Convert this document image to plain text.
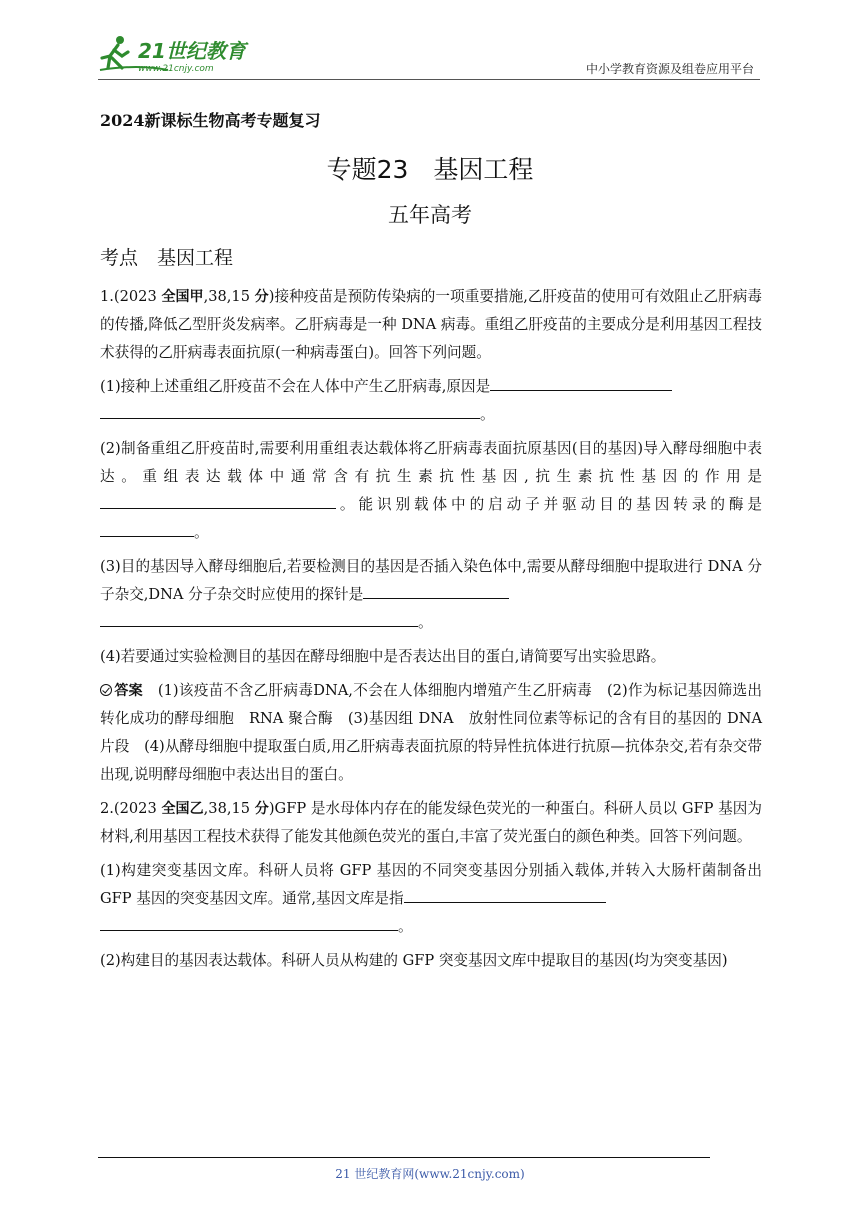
21世纪教育
www.21cnjy.com	中小学教育资源及组卷应用平台
2024新课标生物高考专题复习
专题23　基因工程
五年高考
考点　基因工程

1.(2023 全国甲,38,15 分)接种疫苗是预防传染病的一项重要措施,乙肝疫苗的使用可有效阻止乙肝病毒的传播,降低乙型肝炎发病率。乙肝病毒是一种 DNA 病毒。重组乙肝疫苗的主要成分是利用基因工程技术获得的乙肝病毒表面抗原(一种病毒蛋白)。回答下列问题。

(1)接种上述重组乙肝疫苗不会在人体中产生乙肝病毒,原因是
。

(2)制备重组乙肝疫苗时,需要利用重组表达载体将乙肝病毒表面抗原基因(目的基因)导入酵母细胞中表达。重组表达载体中通常含有抗生素抗性基因,抗生素抗性基因的作用是。能识别载体中的启动子并驱动目的基因转录的酶是。

(3)目的基因导入酵母细胞后,若要检测目的基因是否插入染色体中,需要从酵母细胞中提取进行 DNA 分子杂交,DNA 分子杂交时应使用的探针是
。

(4)若要通过实验检测目的基因在酵母细胞中是否表达出目的蛋白,请简要写出实验思路。

答案　(1)该疫苗不含乙肝病毒DNA,不会在人体细胞内增殖产生乙肝病毒　(2)作为标记基因筛选出转化成功的酵母细胞　RNA 聚合酶　(3)基因组 DNA　放射性同位素等标记的含有目的基因的 DNA 片段　(4)从酵母细胞中提取蛋白质,用乙肝病毒表面抗原的特异性抗体进行抗原—抗体杂交,若有杂交带出现,说明酵母细胞中表达出目的蛋白。

2.(2023 全国乙,38,15 分)GFP 是水母体内存在的能发绿色荧光的一种蛋白。科研人员以 GFP 基因为材料,利用基因工程技术获得了能发其他颜色荧光的蛋白,丰富了荧光蛋白的颜色种类。回答下列问题。

(1)构建突变基因文库。科研人员将 GFP 基因的不同突变基因分别插入载体,并转入大肠杆菌制备出 GFP 基因的突变基因文库。通常,基因文库是指
。

(2)构建目的基因表达载体。科研人员从构建的 GFP 突变基因文库中提取目的基因(均为突变基因)

21 世纪教育网(www.21cnjy.com)
